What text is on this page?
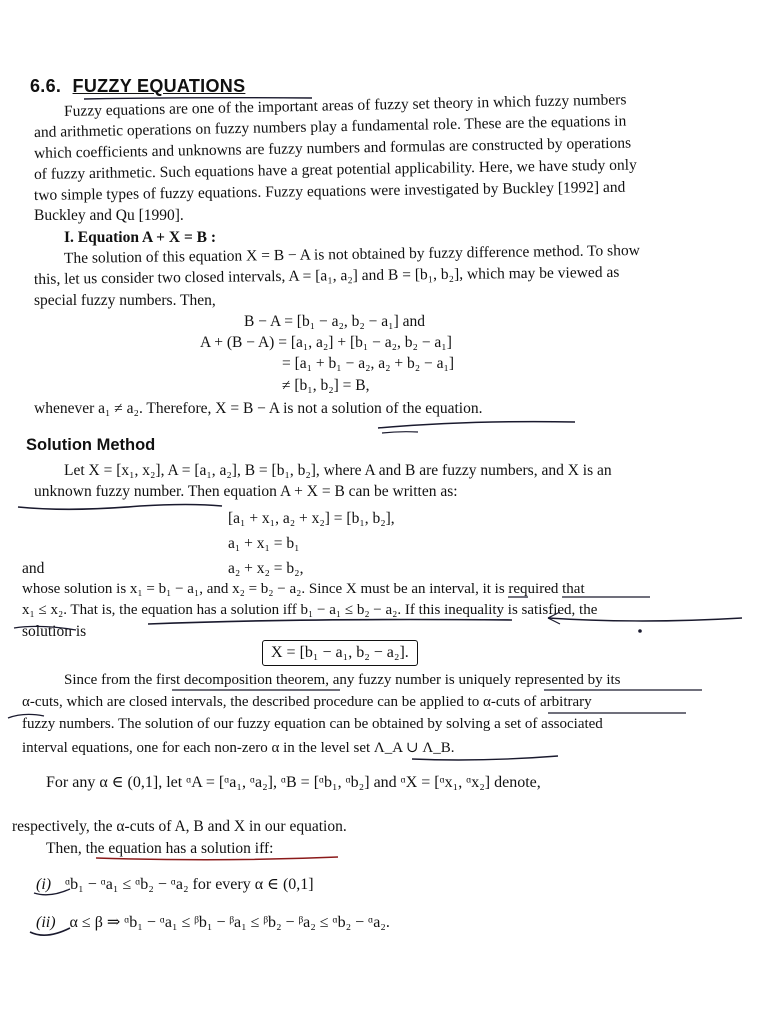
6.6. FUZZY EQUATIONS
Fuzzy equations are one of the important areas of fuzzy set theory in which fuzzy numbers
and arithmetic operations on fuzzy numbers play a fundamental role. These are the equations in
which coefficients and unknowns are fuzzy numbers and formulas are constructed by operations
of fuzzy arithmetic. Such equations have a great potential applicability. Here, we have study only
two simple types of fuzzy equations. Fuzzy equations were investigated by Buckley [1992] and
Buckley and Qu [1990].
I. Equation A + X = B :
The solution of this equation X = B − A is not obtained by fuzzy difference method. To show
this, let us consider two closed intervals, A = [a₁, a₂] and B = [b₁, b₂], which may be viewed as
special fuzzy numbers. Then,
B − A = [b₁ − a₂, b₂ − a₁] and
A + (B − A) = [a₁, a₂] + [b₁ − a₂, b₂ − a₁]
= [a₁ + b₁ − a₂, a₂ + b₂ − a₁]
≠ [b₁, b₂] = B,
whenever a₁ ≠ a₂. Therefore, X = B − A is not a solution of the equation.
Solution Method
Let X = [x₁, x₂], A = [a₁, a₂], B = [b₁, b₂], where A and B are fuzzy numbers, and X is an
unknown fuzzy number. Then equation A + X = B can be written as:
[a₁ + x₁, a₂ + x₂] = [b₁, b₂],
a₁ + x₁ = b₁
and	a₂ + x₂ = b₂,
whose solution is x₁ = b₁ − a₁, and x₂ = b₂ − a₂. Since X must be an interval, it is required that
x₁ ≤ x₂. That is, the equation has a solution iff b₁ − a₁ ≤ b₂ − a₂. If this inequality is satisfied, the
solution is
X = [b₁ − a₁, b₂ − a₂].
Since from the first decomposition theorem, any fuzzy number is uniquely represented by its
α-cuts, which are closed intervals, the described procedure can be applied to α-cuts of arbitrary
fuzzy numbers. The solution of our fuzzy equation can be obtained by solving a set of associated
interval equations, one for each non-zero α in the level set Λ_A ∪ Λ_B.
For any α ∈ (0,1], let ᵅA = [ᵅa₁, ᵅa₂], ᵅB = [ᵅb₁, ᵅb₂] and ᵅX = [ᵅx₁, ᵅx₂] denote,
respectively, the α-cuts of A, B and X in our equation.
Then, the equation has a solution iff:
(i) ᵅb₁ − ᵅa₁ ≤ ᵅb₂ − ᵅa₂ for every α ∈ (0,1]
(ii) α ≤ β ⇒ ᵅb₁ − ᵅa₁ ≤ ᵝb₁ − ᵝa₁ ≤ ᵝb₂ − ᵝa₂ ≤ ᵅb₂ − ᵅa₂.
